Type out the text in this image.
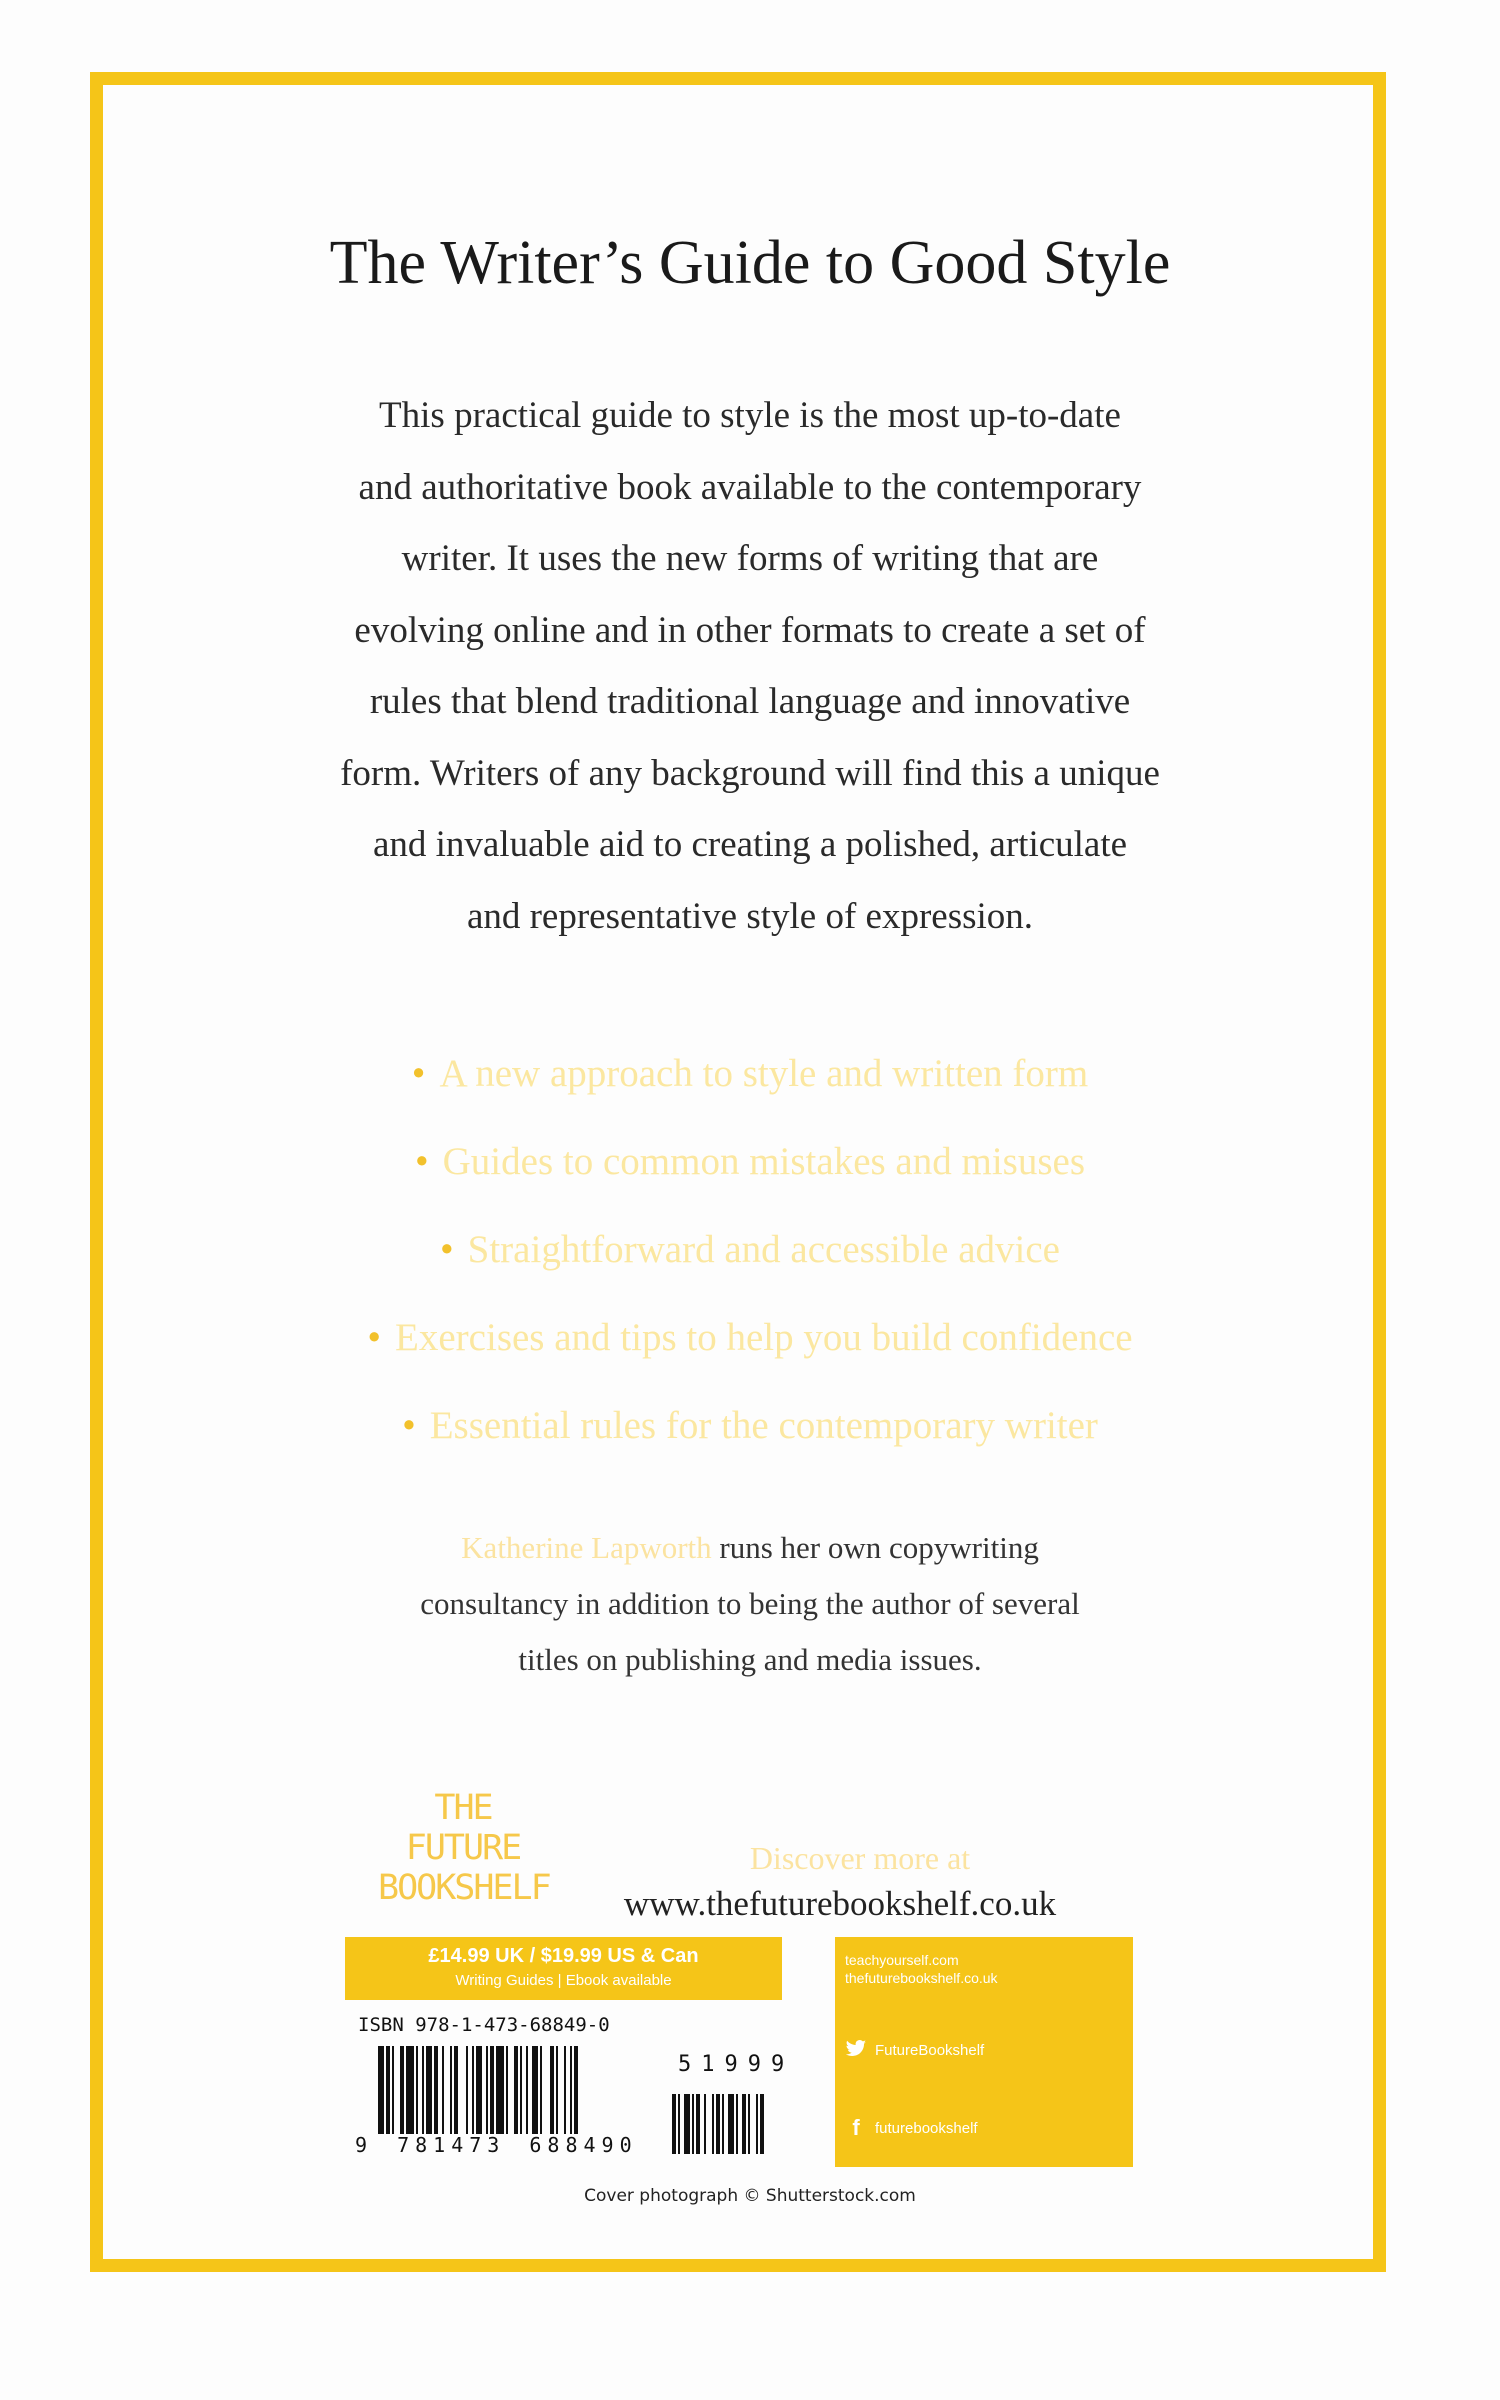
The Writer’s Guide to Good Style
This practical guide to style is the most up-to-date
and authoritative book available to the contemporary
writer. It uses the new forms of writing that are
evolving online and in other formats to create a set of
rules that blend traditional language and innovative
form. Writers of any background will find this a unique
and invaluable aid to creating a polished, articulate
and representative style of expression.
• A new approach to style and written form
• Guides to common mistakes and misuses
• Straightforward and accessible advice
• Exercises and tips to help you build confidence
• Essential rules for the contemporary writer
Katherine Lapworth runs her own copywriting
consultancy in addition to being the author of several
titles on publishing and media issues.
THE
FUTURE
BOOKSHELF
Discover more at
www.thefuturebookshelf.co.uk
£14.99 UK / $19.99 US & Can
Writing Guides | Ebook available
teachyourself.com
thefuturebookshelf.co.uk
FutureBookshelf
f	futurebookshelf
ISBN 978-1-473-68849-0
9 781473 688490
51999
Cover photograph © Shutterstock.com
